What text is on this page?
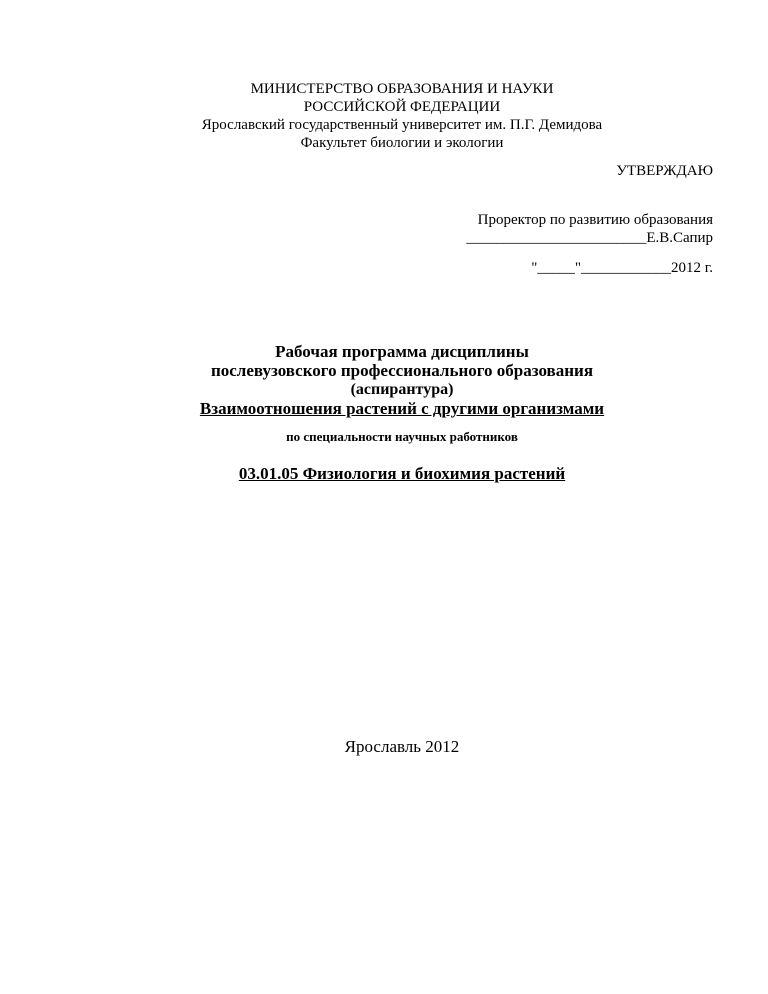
МИНИСТЕРСТВО ОБРАЗОВАНИЯ И НАУКИ
РОССИЙСКОЙ ФЕДЕРАЦИИ
Ярославский государственный университет им. П.Г. Демидова
Факультет биологии и экологии
УТВЕРЖДАЮ
Проректор по развитию образования
________________________Е.В.Сапир
"_____"____________2012 г.
Рабочая программа дисциплины
послевузовского профессионального образования
(аспирантура)
Взаимоотношения растений с другими организмами
по специальности научных работников
03.01.05 Физиология и биохимия растений
Ярославль 2012
